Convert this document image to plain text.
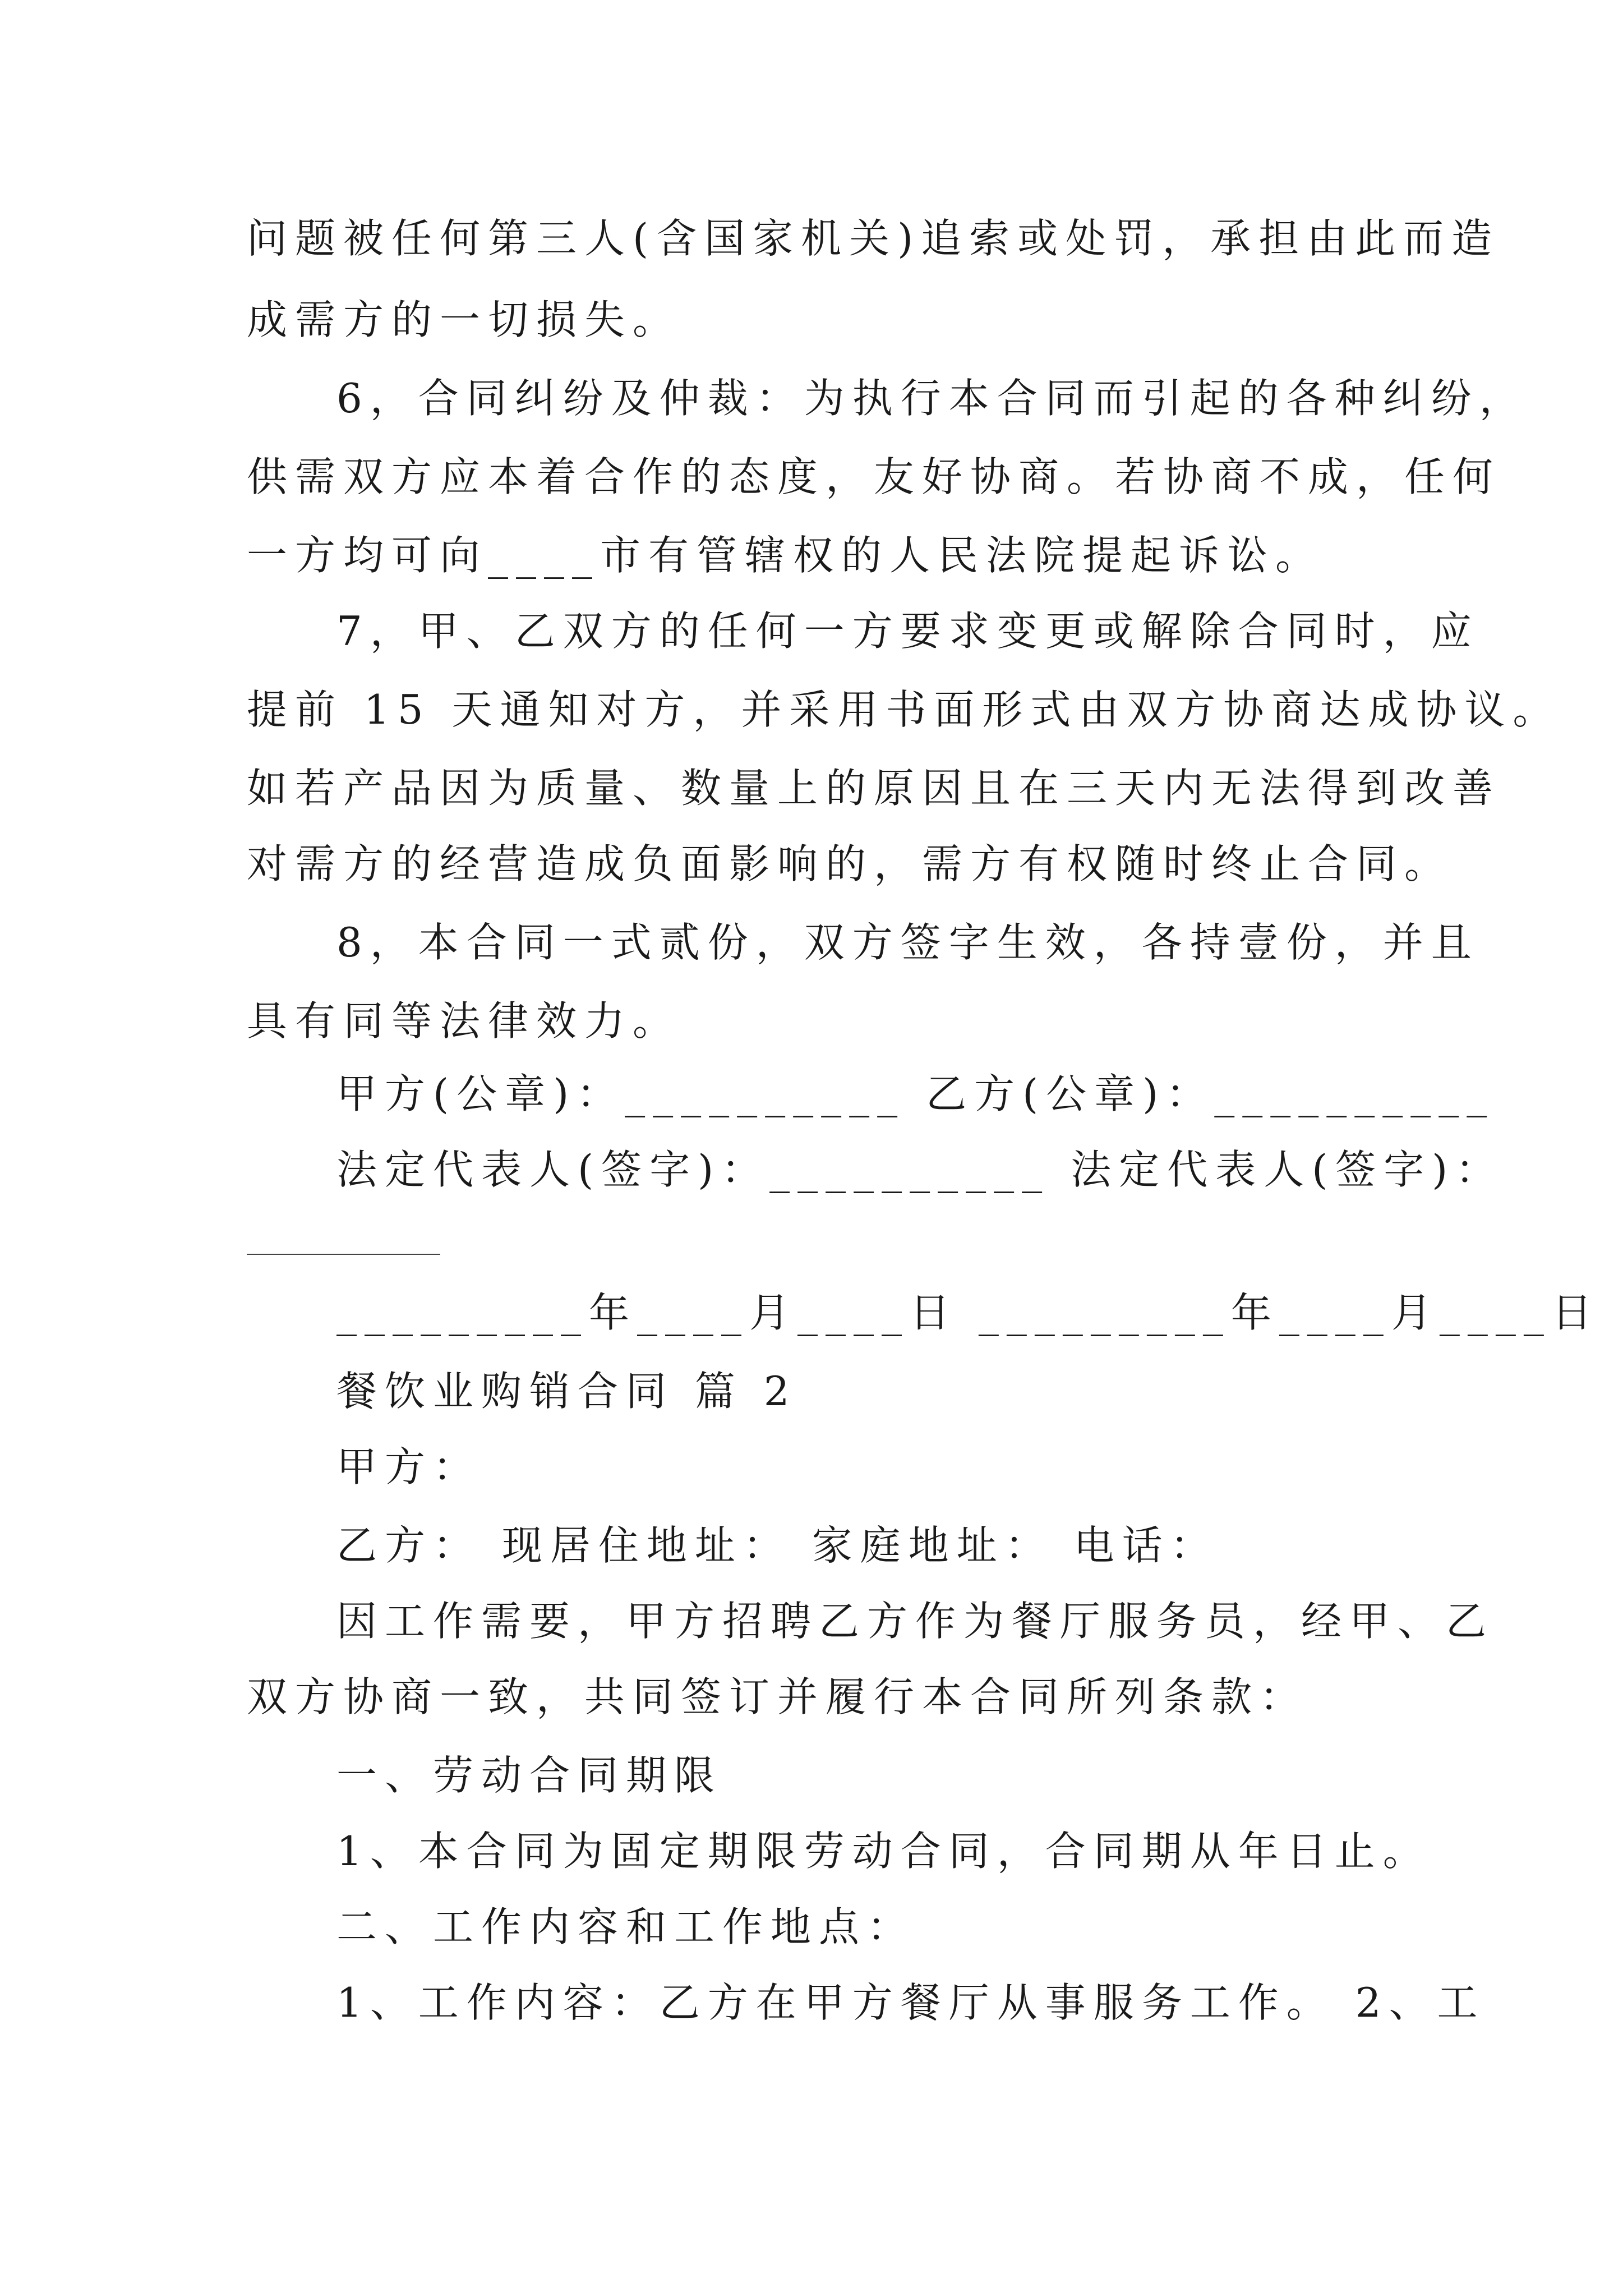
问题被任何第三人(含国家机关)追索或处罚，承担由此而造
成需方的一切损失。
6，合同纠纷及仲裁：为执行本合同而引起的各种纠纷，
供需双方应本着合作的态度，友好协商。若协商不成，任何
一方均可向____市有管辖权的人民法院提起诉讼。
7，甲、乙双方的任何一方要求变更或解除合同时，应
提前 15 天通知对方，并采用书面形式由双方协商达成协议。
如若产品因为质量、数量上的原因且在三天内无法得到改善
对需方的经营造成负面影响的，需方有权随时终止合同。
8，本合同一式贰份，双方签字生效，各持壹份，并且
具有同等法律效力。
甲方(公章)：__________ 乙方(公章)：__________
法定代表人(签字)：__________ 法定代表人(签字)：
_________年____月____日 _________年____月____日
餐饮业购销合同 篇 2
甲方：
乙方： 现居住地址： 家庭地址： 电话：
因工作需要，甲方招聘乙方作为餐厅服务员，经甲、乙
双方协商一致，共同签订并履行本合同所列条款：
一、劳动合同期限
1、本合同为固定期限劳动合同，合同期从年日止。
二、工作内容和工作地点：
1、工作内容：乙方在甲方餐厅从事服务工作。 2、工
